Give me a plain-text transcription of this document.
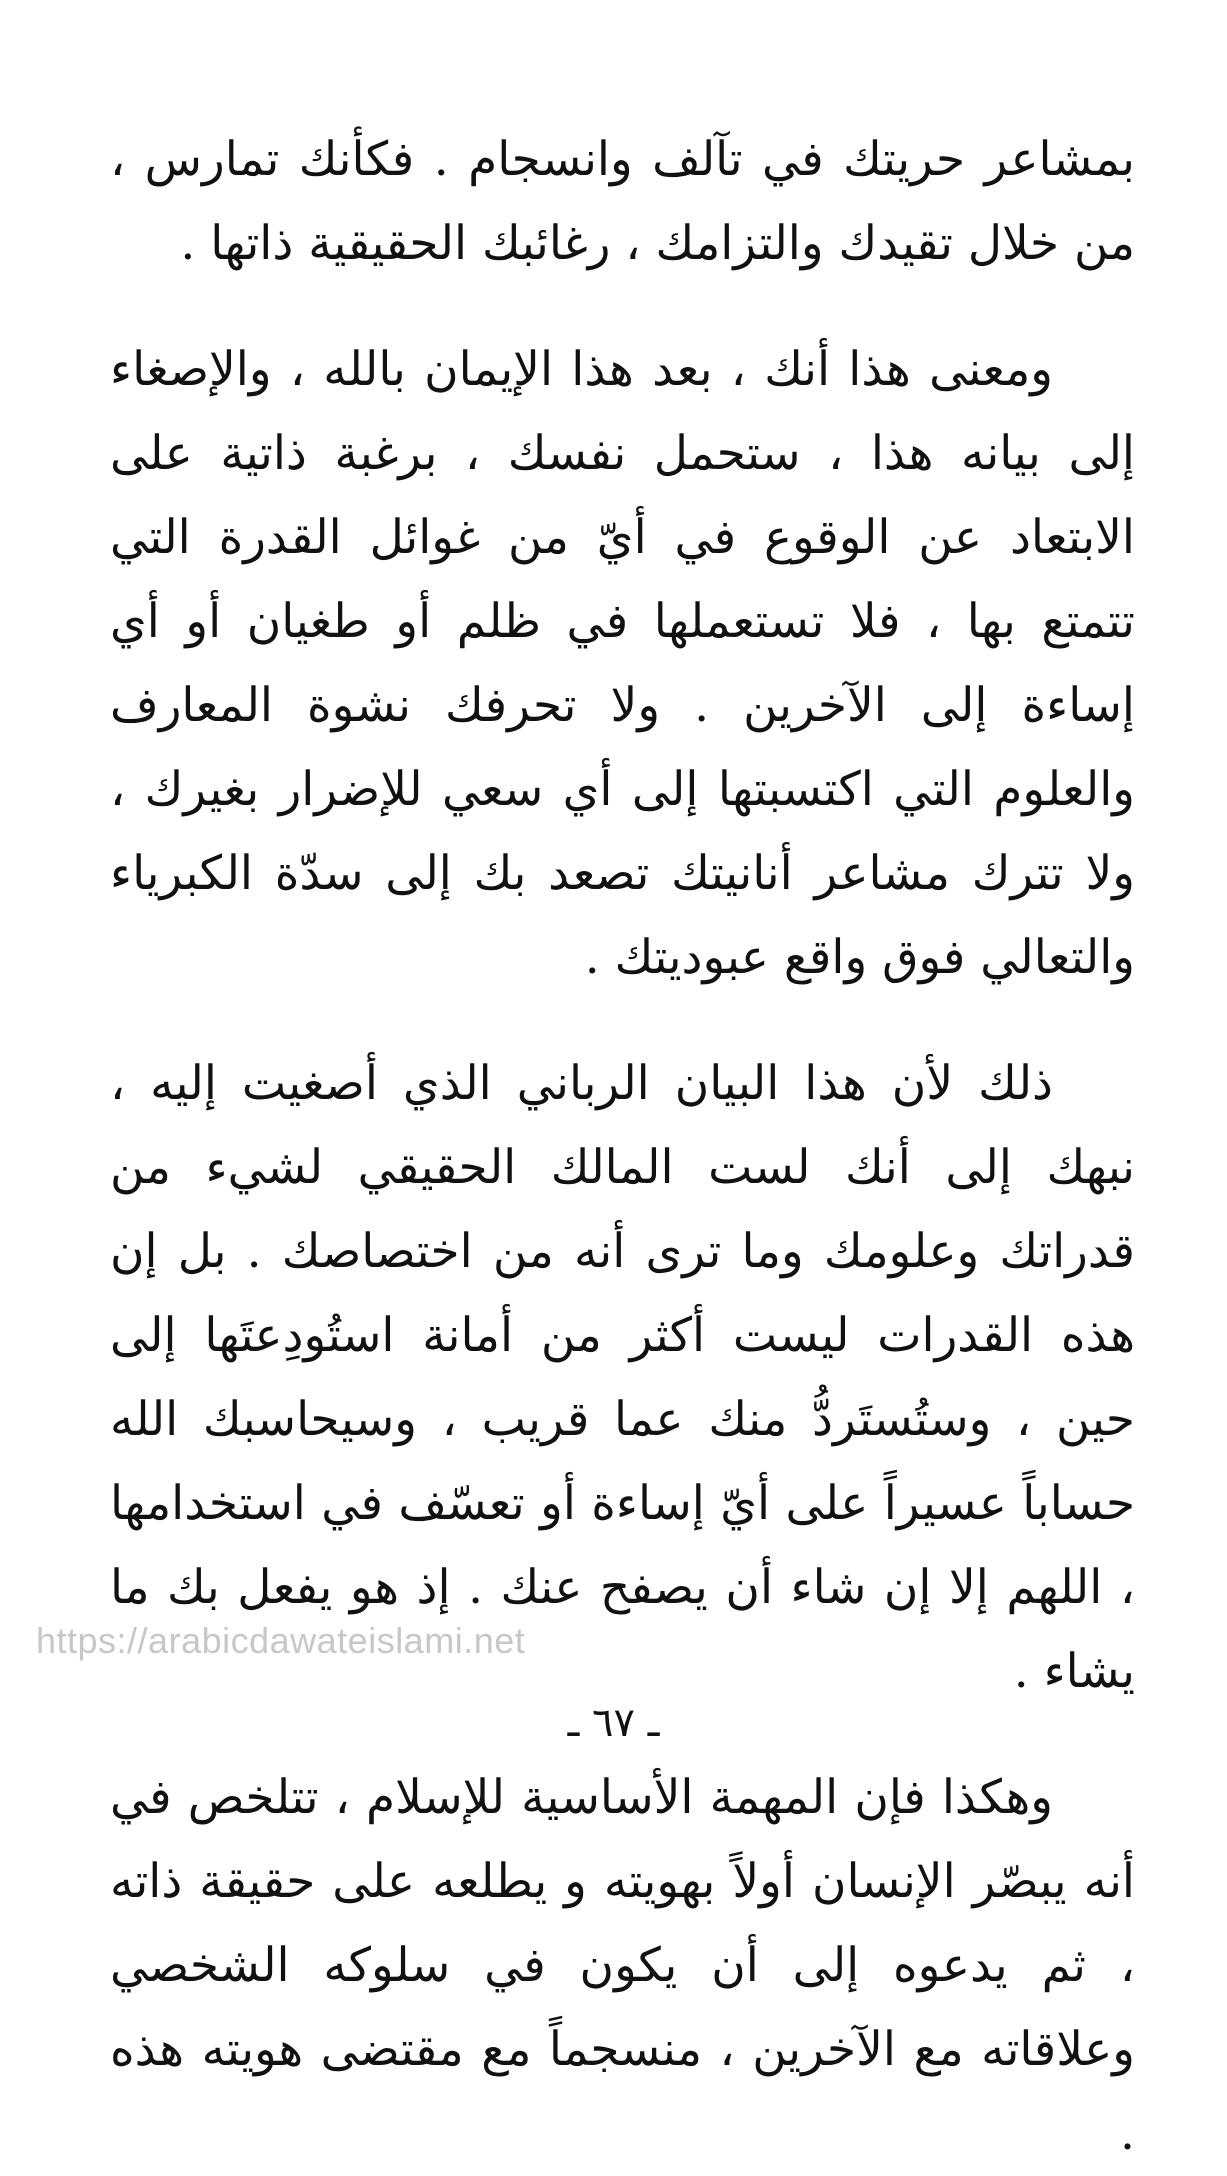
بمشاعر حريتك في تآلف وانسجام . فكأنك تمارس ، من خلال تقيدك والتزامك ، رغائبك الحقيقية ذاتها .

ومعنى هذا أنك ، بعد هذا الإيمان بالله ، والإصغاء إلى بيانه هذا ، ستحمل نفسك ، برغبة ذاتية على الابتعاد عن الوقوع في أيّ من غوائل القدرة التي تتمتع بها ، فلا تستعملها في ظلم أو طغيان أو أي إساءة إلى الآخرين . ولا تحرفك نشوة المعارف والعلوم التي اكتسبتها إلى أي سعي للإضرار بغيرك ، ولا تترك مشاعر أنانيتك تصعد بك إلى سدّة الكبرياء والتعالي فوق واقع عبوديتك .

ذلك لأن هذا البيان الرباني الذي أصغيت إليه ، نبهك إلى أنك لست المالك الحقيقي لشيء من قدراتك وعلومك وما ترى أنه من اختصاصك . بل إن هذه القدرات ليست أكثر من أمانة استُودِعتَها إلى حين ، وستُستَردُّ منك عما قريب ، وسيحاسبك الله حساباً عسيراً على أيّ إساءة أو تعسّف في استخدامها ، اللهم إلا إن شاء أن يصفح عنك . إذ هو يفعل بك ما يشاء .

وهكذا فإن المهمة الأساسية للإسلام ، تتلخص في أنه يبصّر الإنسان أولاً بهويته و يطلعه على حقيقة ذاته ، ثم يدعوه إلى أن يكون في سلوكه الشخصي وعلاقاته مع الآخرين ، منسجماً مع مقتضى هويته هذه .

https://arabicdawateislami.net
ـ ٦٧ ـ
